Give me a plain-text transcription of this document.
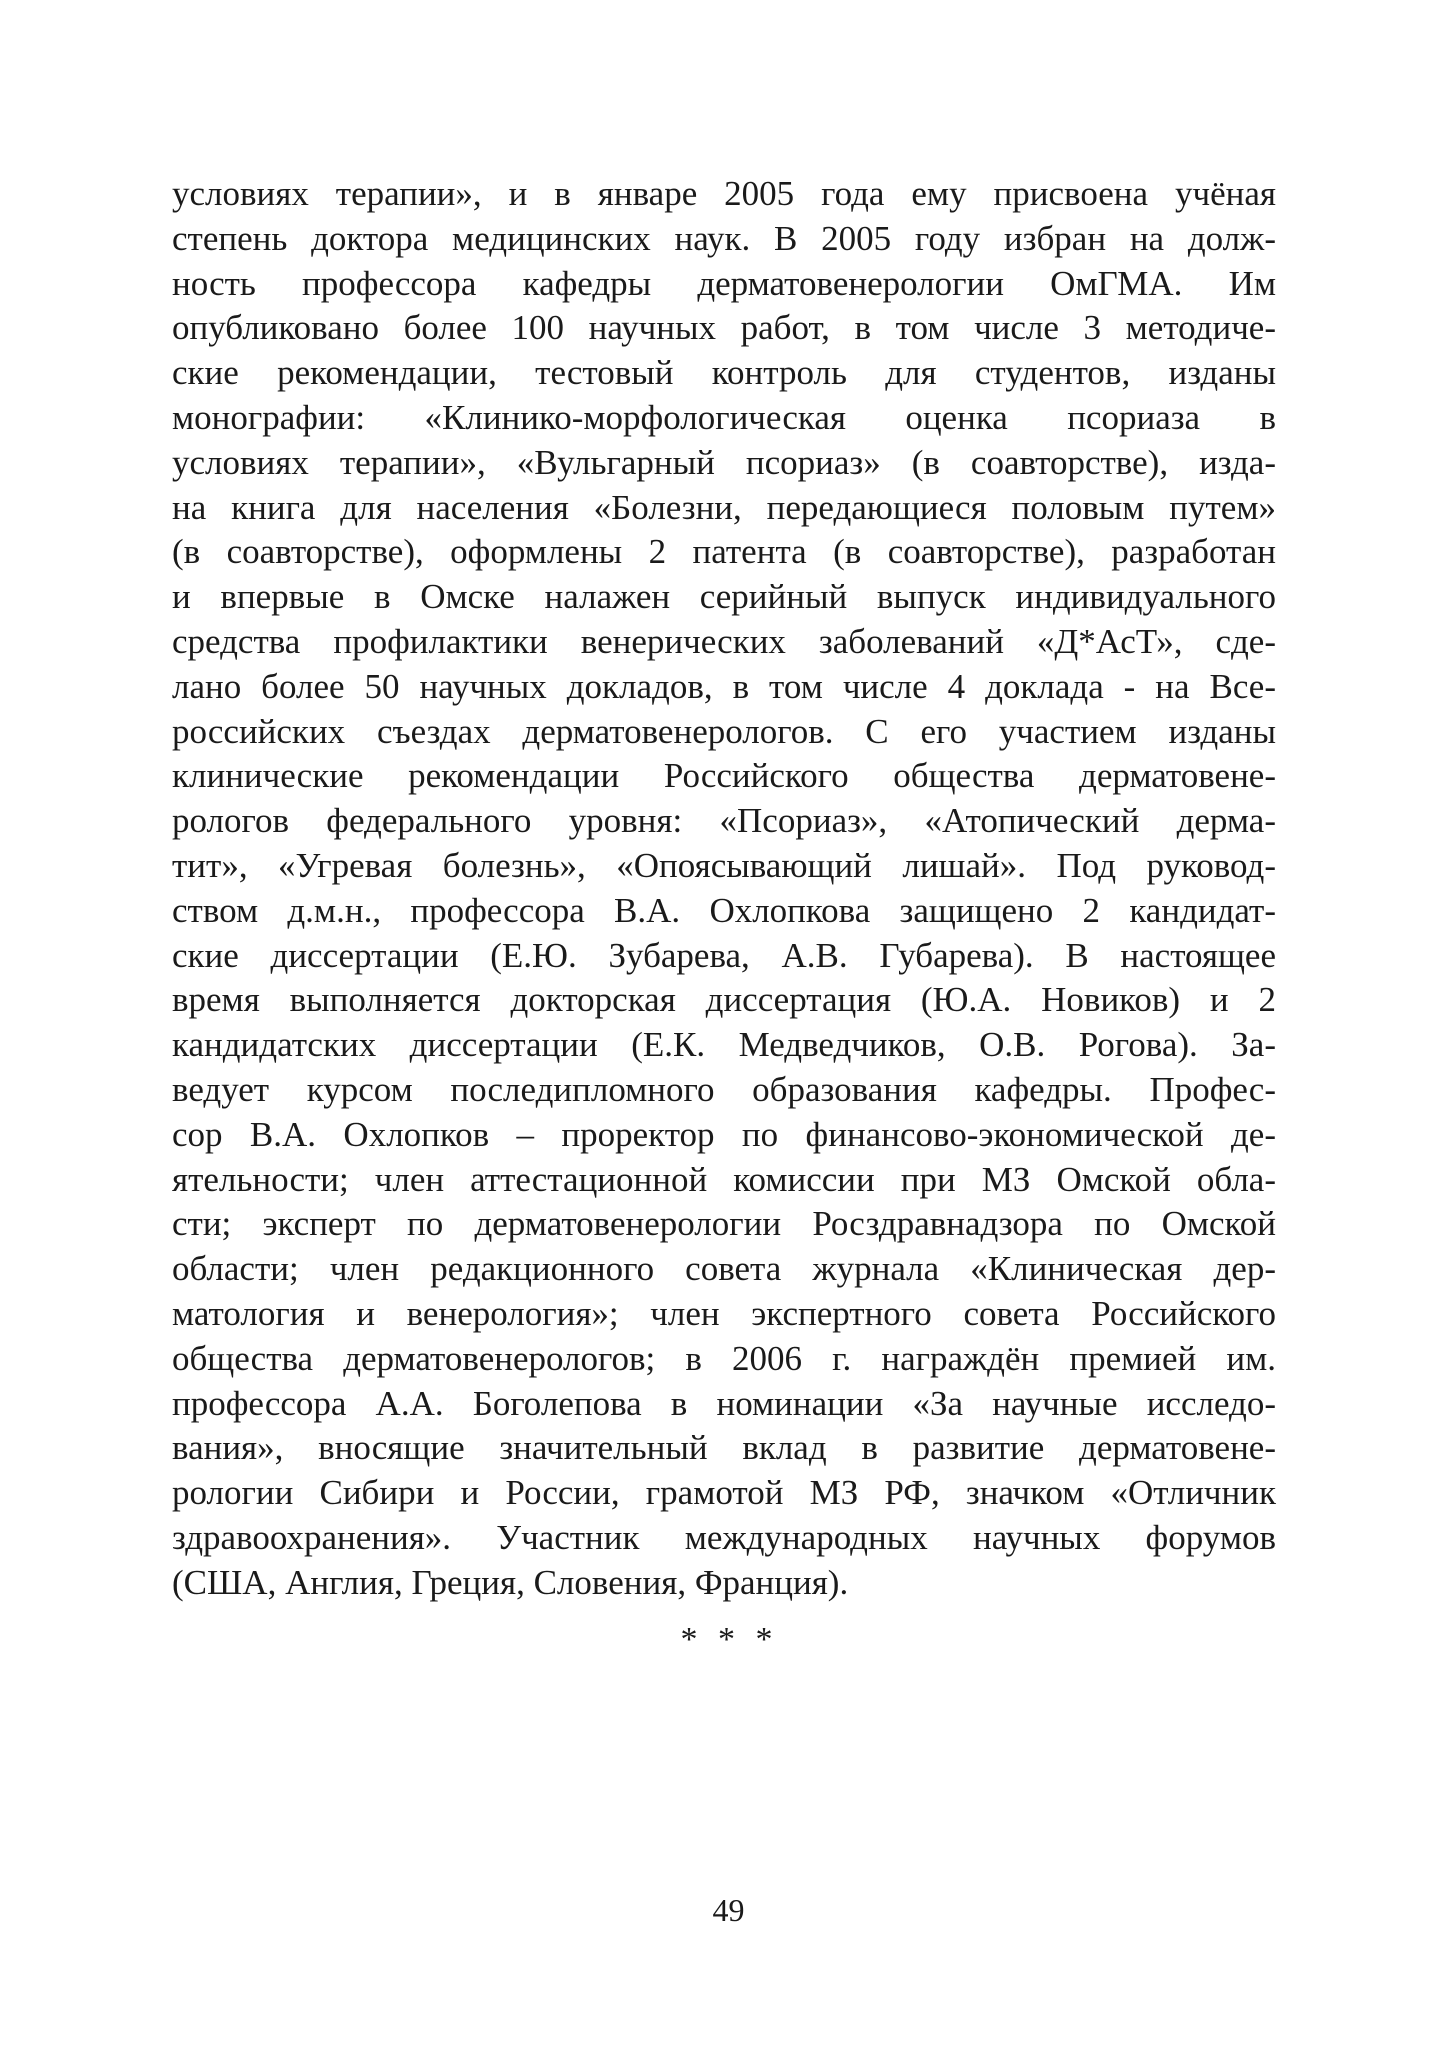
условиях терапии», и в январе 2005 года ему присвоена учёная
степень доктора медицинских наук. В 2005 году избран на долж-
ность профессора кафедры дерматовенерологии ОмГМА. Им
опубликовано более 100 научных работ, в том числе 3 методиче-
ские рекомендации, тестовый контроль для студентов, изданы
монографии: «Клинико-морфологическая оценка псориаза в
условиях терапии», «Вульгарный псориаз» (в соавторстве), изда-
на книга для населения «Болезни, передающиеся половым путем»
(в соавторстве), оформлены 2 патента (в соавторстве), разработан
и впервые в Омске налажен серийный выпуск индивидуального
средства профилактики венерических заболеваний «Д*АсТ», сде-
лано более 50 научных докладов, в том числе 4 доклада - на Все-
российских съездах дерматовенерологов. С его участием изданы
клинические рекомендации Российского общества дерматовене-
рологов федерального уровня: «Псориаз», «Атопический дерма-
тит», «Угревая болезнь», «Опоясывающий лишай». Под руковод-
ством д.м.н., профессора В.А. Охлопкова защищено 2 кандидат-
ские диссертации (Е.Ю. Зубарева, А.В. Губарева). В настоящее
время выполняется докторская диссертация (Ю.А. Новиков) и 2
кандидатских диссертации (Е.К. Медведчиков, О.В. Рогова). За-
ведует курсом последипломного образования кафедры. Профес-
сор В.А. Охлопков – проректор по финансово-экономической де-
ятельности; член аттестационной комиссии при МЗ Омской обла-
сти; эксперт по дерматовенерологии Росздравнадзора по Омской
области; член редакционного совета журнала «Клиническая дер-
матология и венерология»; член экспертного совета Российского
общества дерматовенерологов; в 2006 г. награждён премией им.
профессора А.А. Боголепова в номинации «За научные исследо-
вания», вносящие значительный вклад в развитие дерматовене-
рологии Сибири и России, грамотой МЗ РФ, значком «Отличник
здравоохранения». Участник международных научных форумов
(США, Англия, Греция, Словения, Франция).
* * *
49
